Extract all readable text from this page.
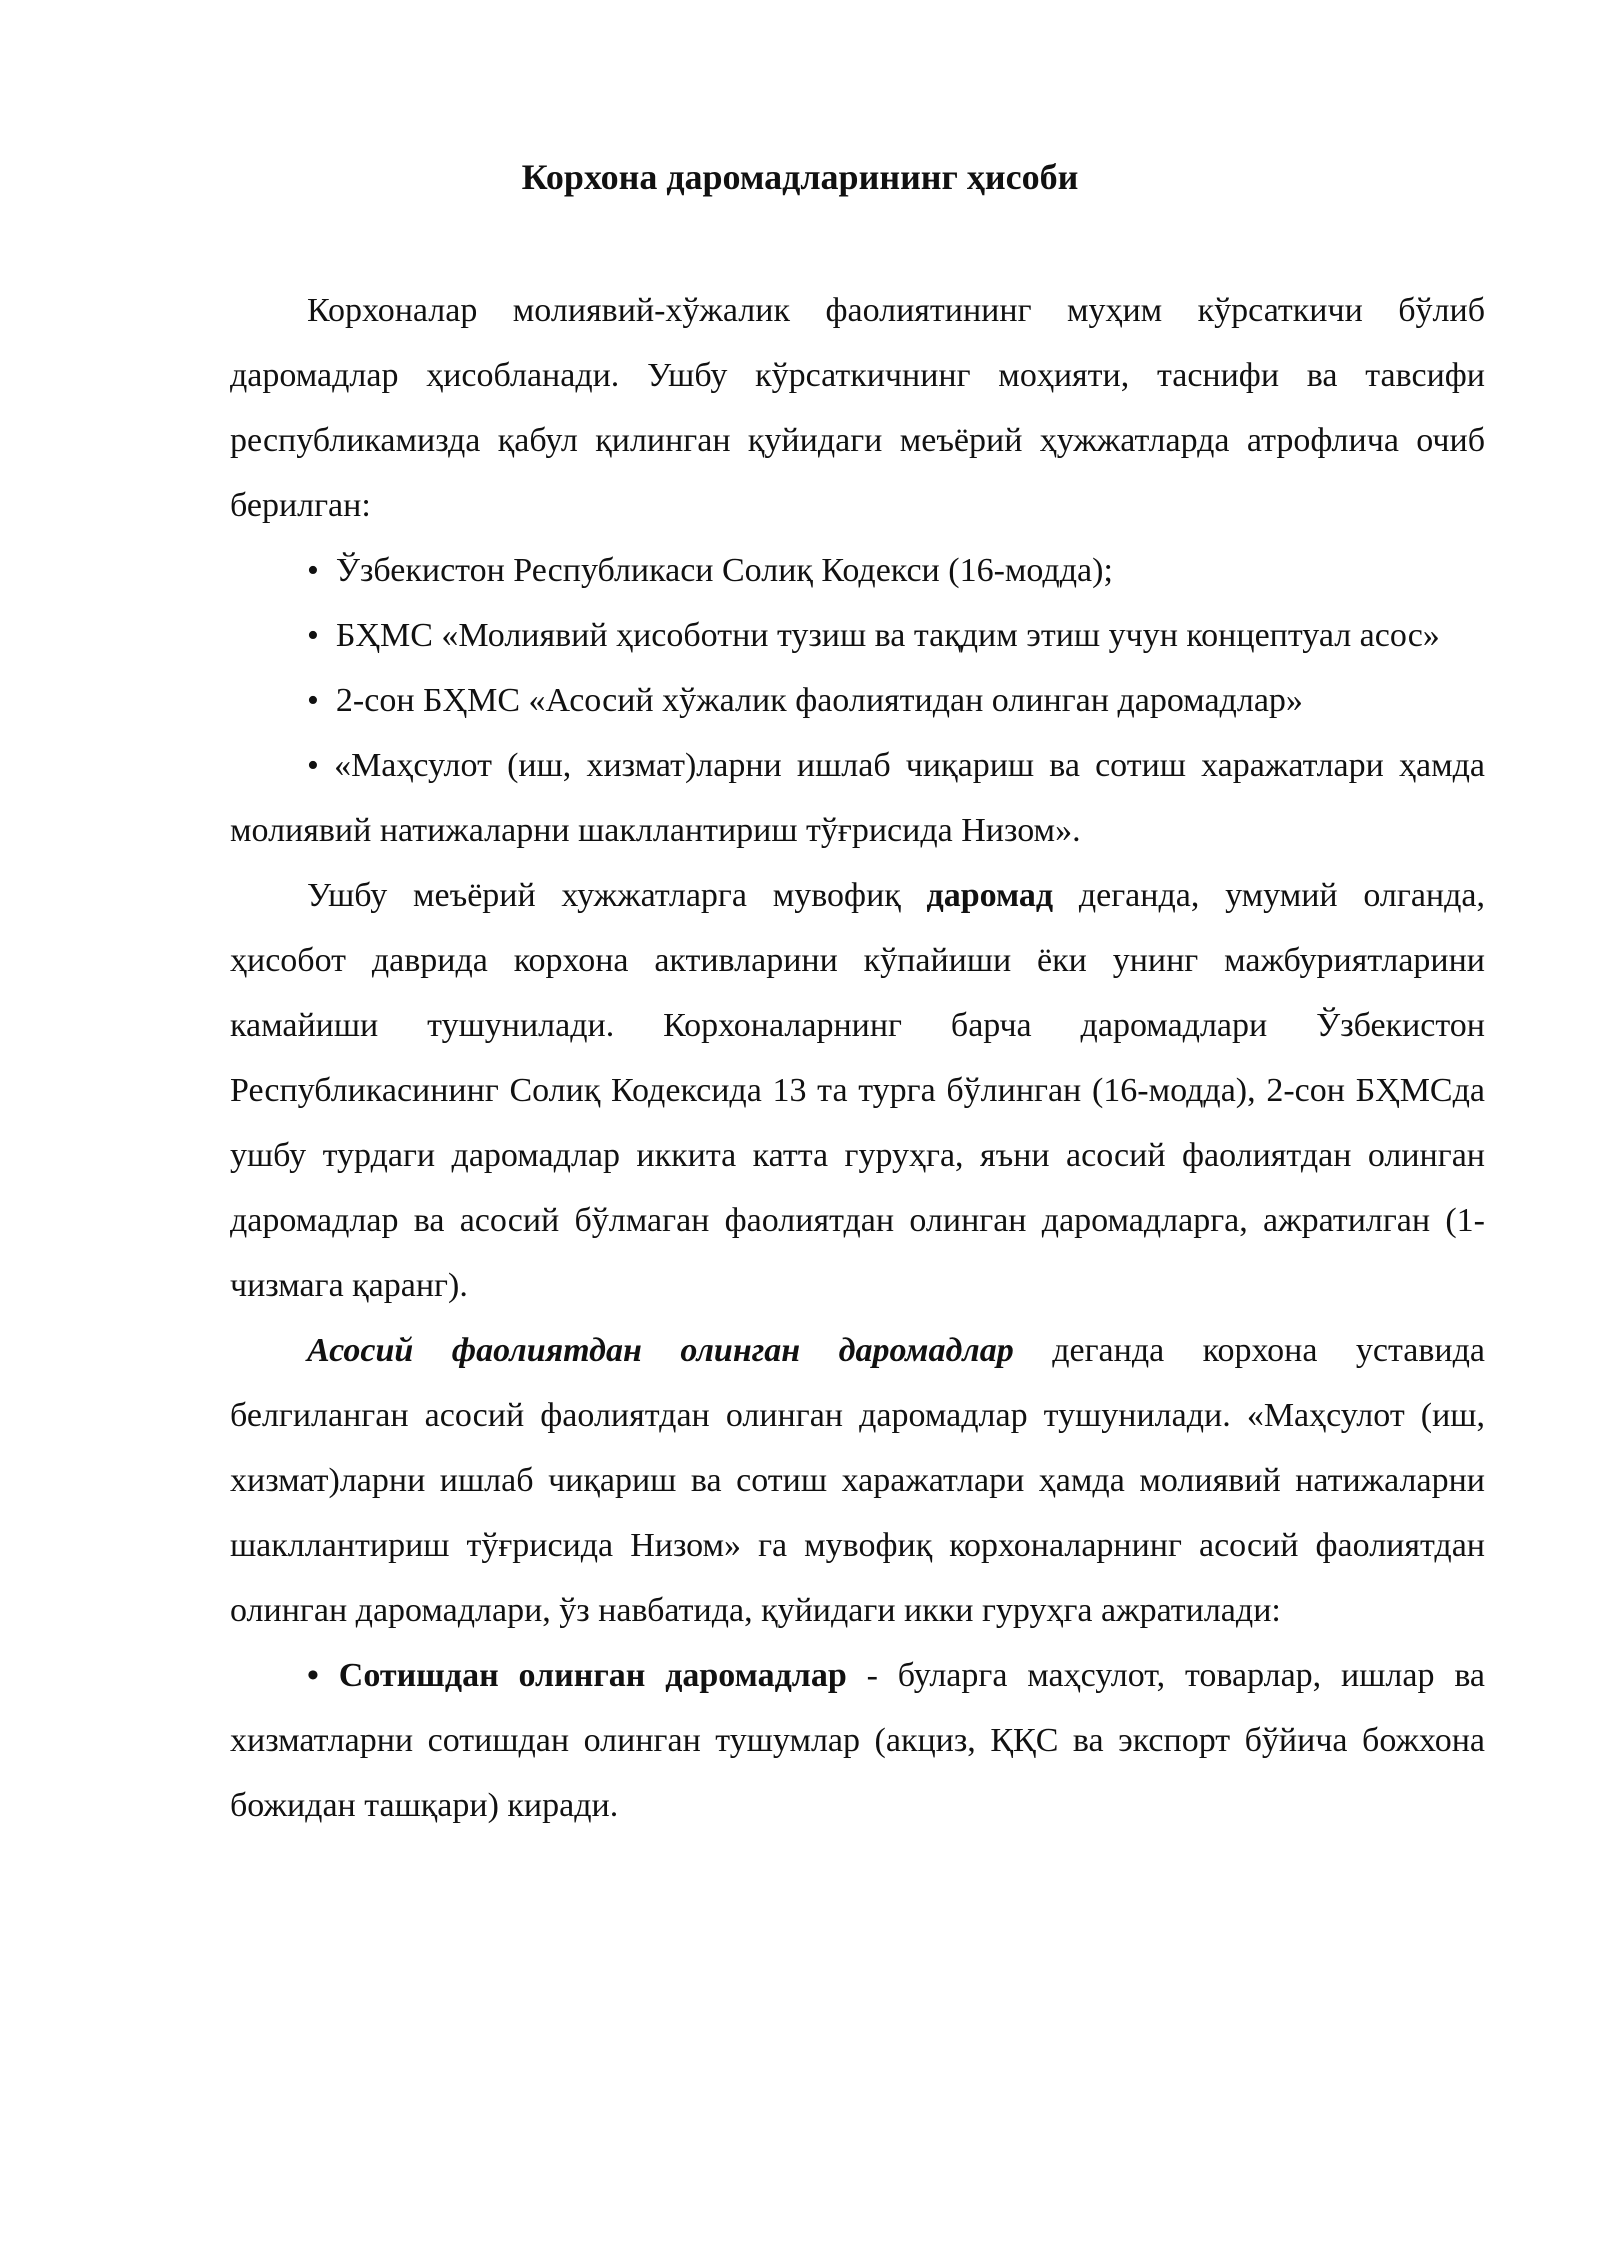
Корхона даромадларининг ҳисоби

Корхоналар молиявий-хўжалик фаолиятининг муҳим кўрсаткичи бўлиб даромадлар ҳисобланади. Ушбу кўрсаткичнинг моҳияти, таснифи ва тавсифи республикамизда қабул қилинган қуйидаги меъёрий ҳужжатларда атрофлича очиб берилган:

• Ўзбекистон Республикаси Солиқ Кодекси (16-модда);

• БҲМС «Молиявий ҳисоботни тузиш ва тақдим этиш учун концептуал асос»

• 2-сон БҲМС «Асосий хўжалик фаолиятидан олинган даромадлар»

• «Маҳсулот (иш, хизмат)ларни ишлаб чиқариш ва сотиш харажатлари ҳамда молиявий натижаларни шакллантириш тўғрисида Низом».

Ушбу меъёрий хужжатларга мувофиқ даромад деганда, умумий олганда, ҳисобот даврида корхона активларини кўпайиши ёки унинг мажбуриятларини камайиши тушунилади. Корхоналарнинг барча даромадлари Ўзбекистон Республикасининг Солиқ Кодексида 13 та турга бўлинган (16-модда), 2-сон БҲМСда ушбу турдаги даромадлар иккита катта гуруҳга, яъни асосий фаолиятдан олинган даромадлар ва асосий бўлмаган фаолиятдан олинган даромадларга, ажратилган (1-чизмага қаранг).

Асосий фаолиятдан олинган даромадлар деганда корхона уставида белгиланган асосий фаолиятдан олинган даромадлар тушунилади. «Маҳсулот (иш, хизмат)ларни ишлаб чиқариш ва сотиш харажатлари ҳамда молиявий натижаларни шакллантириш тўғрисида Низом» га мувофиқ корхоналарнинг асосий фаолиятдан олинган даромадлари, ўз навбатида, қуйидаги икки гуруҳга ажратилади:

• Сотишдан олинган даромадлар - буларга маҳсулот, товарлар, ишлар ва хизматларни сотишдан олинган тушумлар (акциз, ҚҚС ва экспорт бўйича божхона божидан ташқари) киради.
